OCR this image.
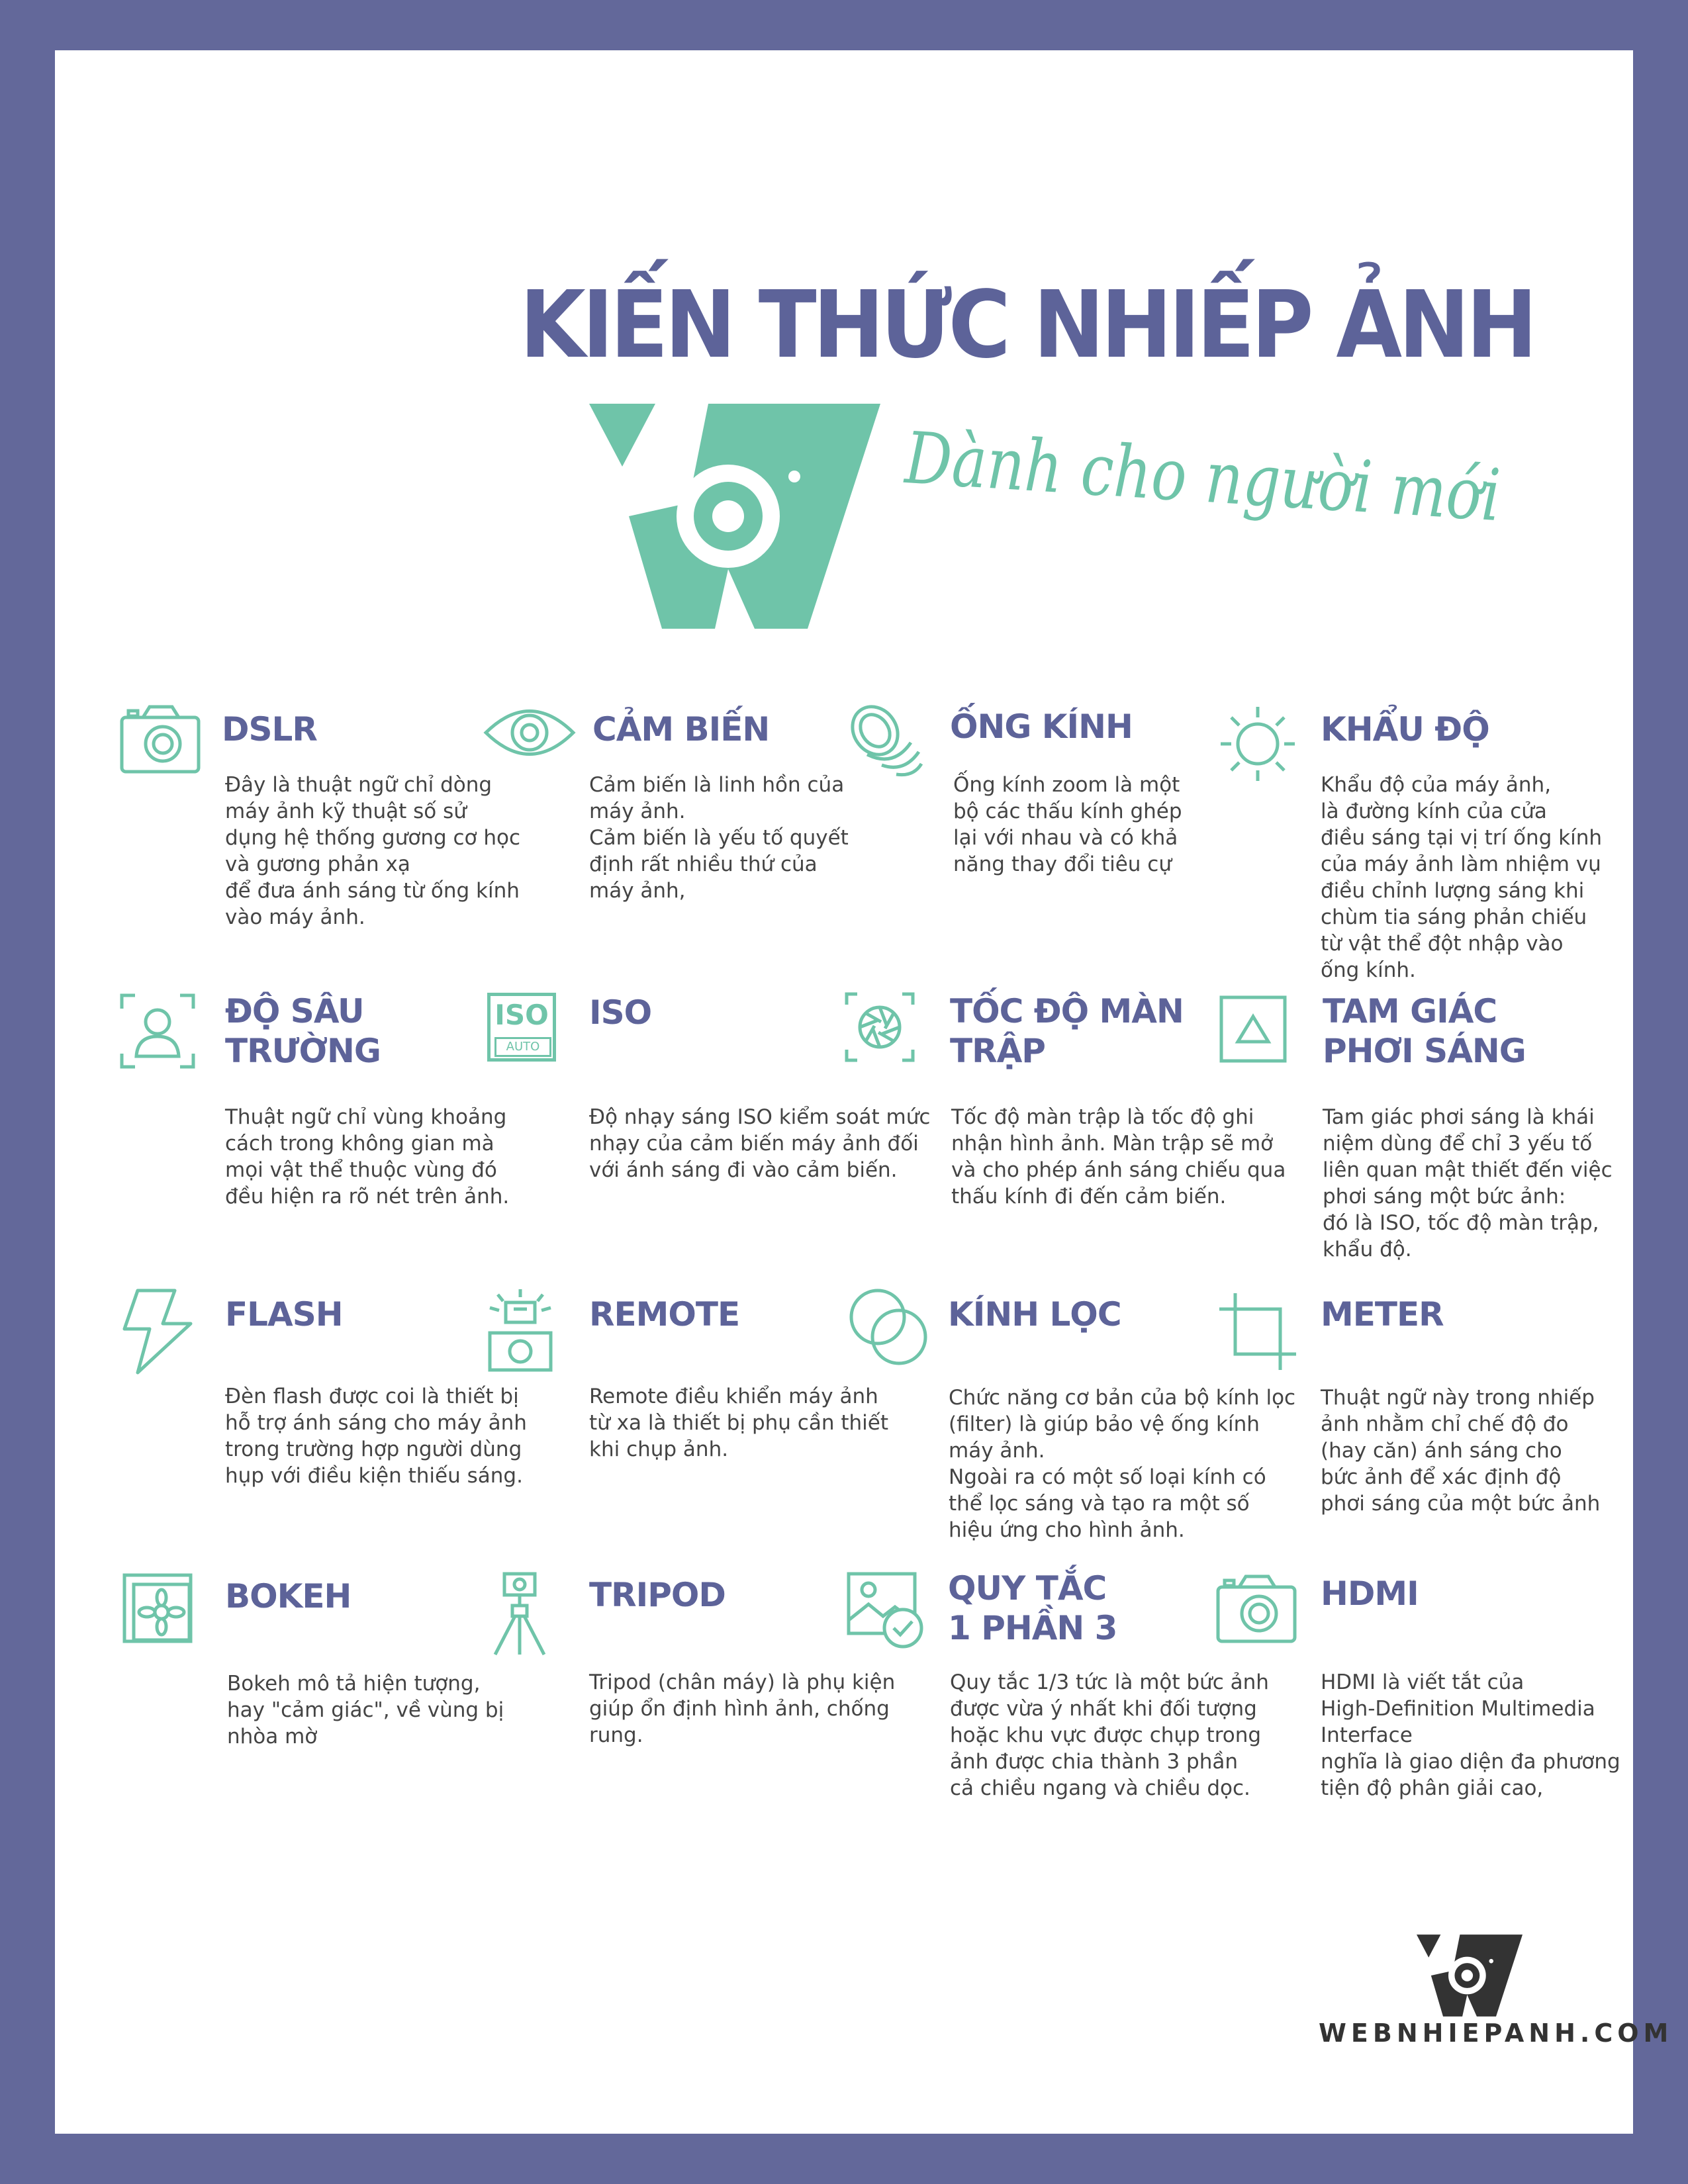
KIẾN THỨC NHIẾP ẢNH
Dành cho người mới
DSLR
Đây là thuật ngữ chỉ dòng
máy ảnh kỹ thuật số sử
dụng hệ thống gương cơ học
và gương phản xạ
để đưa ánh sáng từ ống kính
vào máy ảnh.
CẢM BIẾN
Cảm biến là linh hồn của
máy ảnh.
Cảm biến là yếu tố quyết
định rất nhiều thứ của
máy ảnh,
ỐNG KÍNH
Ống kính zoom là một
bộ các thấu kính ghép
lại với nhau và có khả
năng thay đổi tiêu cự
KHẨU ĐỘ
Khẩu độ của máy ảnh,
là đường kính của cửa
điều sáng tại vị trí ống kính
của máy ảnh làm nhiệm vụ
điều chỉnh lượng sáng khi
chùm tia sáng phản chiếu
từ vật thể đột nhập vào
ống kính.
ĐỘ SÂU
TRƯỜNG
Thuật ngữ chỉ vùng khoảng
cách trong không gian mà
mọi vật thể thuộc vùng đó
đều hiện ra rõ nét trên ảnh.
ISO
AUTO
ISO
Độ nhạy sáng ISO kiểm soát mức
nhạy của cảm biến máy ảnh đối
với ánh sáng đi vào cảm biến.
TỐC ĐỘ MÀN
TRẬP
Tốc độ màn trập là tốc độ ghi
nhận hình ảnh. Màn trập sẽ mở
và cho phép ánh sáng chiếu qua
thấu kính đi đến cảm biến.
TAM GIÁC
PHƠI SÁNG
Tam giác phơi sáng là khái
niệm dùng để chỉ 3 yếu tố
liên quan mật thiết đến việc
phơi sáng một bức ảnh:
đó là ISO, tốc độ màn trập,
khẩu độ.
FLASH
Đèn flash được coi là thiết bị
hỗ trợ ánh sáng cho máy ảnh
trong trường hợp người dùng
hụp với điều kiện thiếu sáng.
REMOTE
Remote điều khiển máy ảnh
từ xa là thiết bị phụ cần thiết
khi chụp ảnh.
KÍNH LỌC
Chức năng cơ bản của bộ kính lọc
(filter) là giúp bảo vệ ống kính
máy ảnh.
Ngoài ra có một số loại kính có
thể lọc sáng và tạo ra một số
hiệu ứng cho hình ảnh.
METER
Thuật ngữ này trong nhiếp
ảnh nhằm chỉ chế độ đo
(hay căn) ánh sáng cho
bức ảnh để xác định độ
phơi sáng của một bức ảnh
BOKEH
Bokeh mô tả hiện tượng,
hay "cảm giác", về vùng bị
nhòa mờ
TRIPOD
Tripod (chân máy) là phụ kiện
giúp ổn định hình ảnh, chống
rung.
QUY TẮC
1 PHẦN 3
Quy tắc 1/3 tức là một bức ảnh
được vừa ý nhất khi đối tượng
hoặc khu vực được chụp trong
ảnh được chia thành 3 phần
cả chiều ngang và chiều dọc.
HDMI
HDMI là viết tắt của
High-Definition Multimedia
Interface
nghĩa là giao diện đa phương
tiện độ phân giải cao,
WEBNHIEPANH.COM
